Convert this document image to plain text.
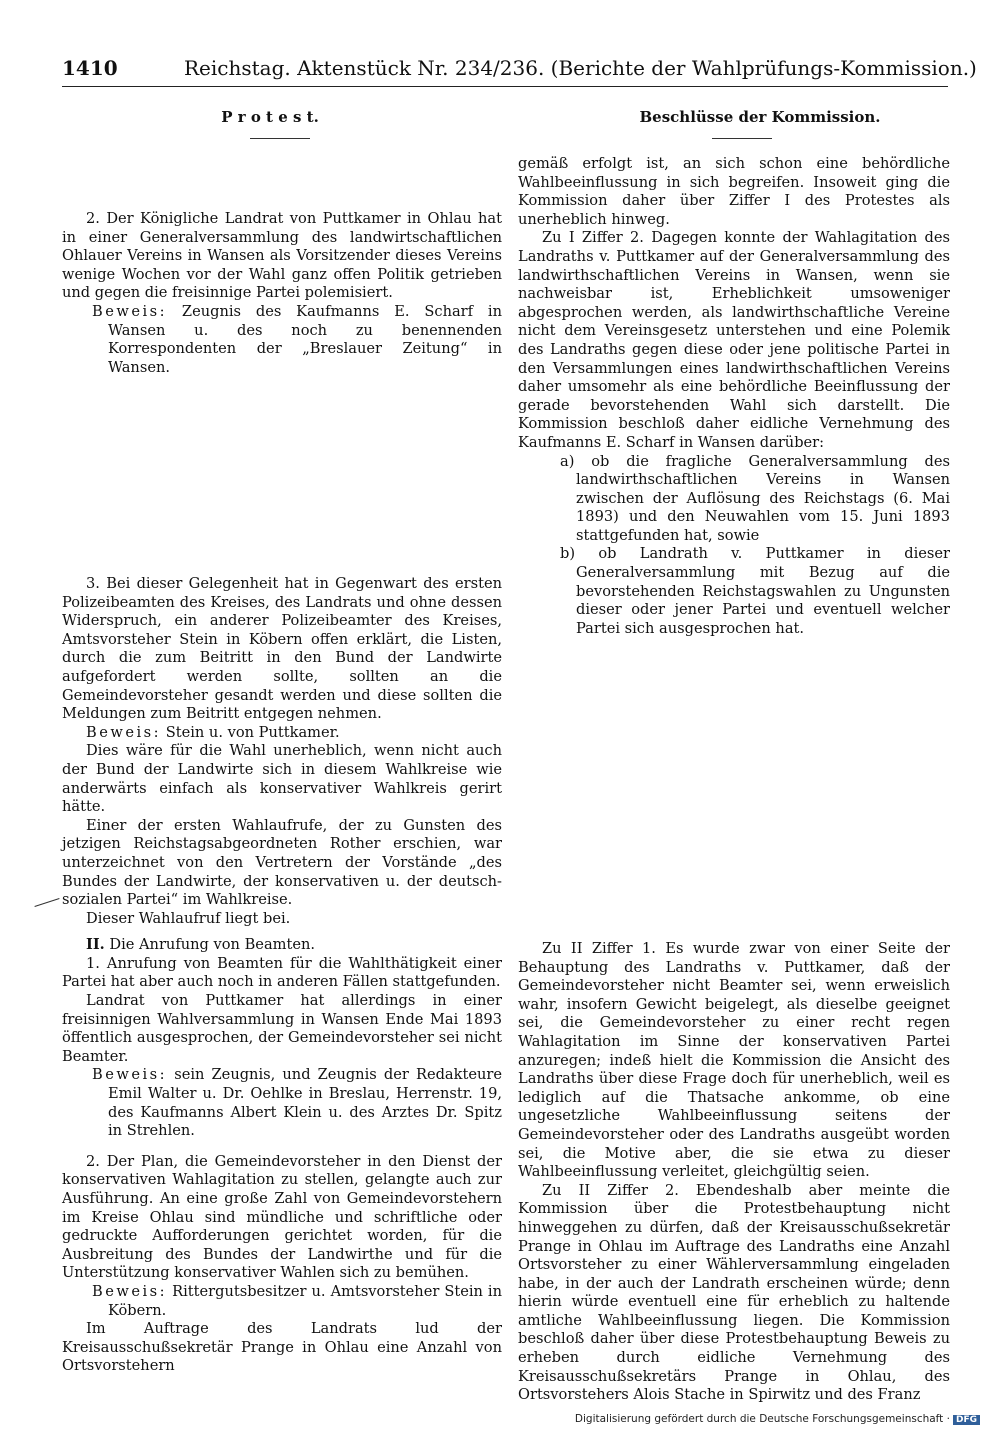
1410	Reichstag. Aktenstück Nr. 234/236. (Berichte der Wahlprüfungs-Kommission.)
P r o t e s t.	Beschlüsse der Kommission.

2. Der Königliche Landrat von Puttkamer in Ohlau hat in einer Generalversammlung des landwirtschaftlichen Ohlauer Vereins in Wansen als Vorsitzender dieses Vereins wenige Wochen vor der Wahl ganz offen Politik getrieben und gegen die freisinnige Partei polemisiert.

Beweis: Zeugnis des Kaufmanns E. Scharf in Wansen u. des noch zu benennenden Korrespondenten der „Breslauer Zeitung“ in Wansen.

3. Bei dieser Gelegenheit hat in Gegenwart des ersten Polizeibeamten des Kreises, des Landrats und ohne dessen Widerspruch, ein anderer Polizeibeamter des Kreises, Amtsvorsteher Stein in Köbern offen erklärt, die Listen, durch die zum Beitritt in den Bund der Landwirte aufgefordert werden sollte, sollten an die Gemeindevorsteher gesandt werden und diese sollten die Meldungen zum Beitritt entgegen nehmen.

Beweis: Stein u. von Puttkamer.

Dies wäre für die Wahl unerheblich, wenn nicht auch der Bund der Landwirte sich in diesem Wahlkreise wie anderwärts einfach als konservativer Wahlkreis gerirt hätte.

Einer der ersten Wahlaufrufe, der zu Gunsten des jetzigen Reichstagsabgeordneten Rother erschien, war unterzeichnet von den Vertretern der Vorstände „des Bundes der Landwirte, der konservativen u. der deutsch-sozialen Partei“ im Wahlkreise.

Dieser Wahlaufruf liegt bei.

II. Die Anrufung von Beamten.

1. Anrufung von Beamten für die Wahlthätigkeit einer Partei hat aber auch noch in anderen Fällen stattgefunden.

Landrat von Puttkamer hat allerdings in einer freisinnigen Wahlversammlung in Wansen Ende Mai 1893 öffentlich ausgesprochen, der Gemeindevorsteher sei nicht Beamter.

Beweis: sein Zeugnis, und Zeugnis der Redakteure Emil Walter u. Dr. Oehlke in Breslau, Herrenstr. 19, des Kaufmanns Albert Klein u. des Arztes Dr. Spitz in Strehlen.

2. Der Plan, die Gemeindevorsteher in den Dienst der konservativen Wahlagitation zu stellen, gelangte auch zur Ausführung. An eine große Zahl von Gemeindevorstehern im Kreise Ohlau sind mündliche und schriftliche oder gedruckte Aufforderungen gerichtet worden, für die Ausbreitung des Bundes der Landwirthe und für die Unterstützung konservativer Wahlen sich zu bemühen.

Beweis: Rittergutsbesitzer u. Amtsvorsteher Stein in Köbern.

Im Auftrage des Landrats lud der Kreisausschußsekretär Prange in Ohlau eine Anzahl von Ortsvorstehern

gemäß erfolgt ist, an sich schon eine behördliche Wahlbeeinflussung in sich begreifen. Insoweit ging die Kommission daher über Ziffer I des Protestes als unerheblich hinweg.

Zu I Ziffer 2. Dagegen konnte der Wahlagitation des Landraths v. Puttkamer auf der Generalversammlung des landwirthschaftlichen Vereins in Wansen, wenn sie nachweisbar ist, Erheblichkeit umsoweniger abgesprochen werden, als landwirthschaftliche Vereine nicht dem Vereinsgesetz unterstehen und eine Polemik des Landraths gegen diese oder jene politische Partei in den Versammlungen eines landwirthschaftlichen Vereins daher umsomehr als eine behördliche Beeinflussung der gerade bevorstehenden Wahl sich darstellt. Die Kommission beschloß daher eidliche Vernehmung des Kaufmanns E. Scharf in Wansen darüber:

a) ob die fragliche Generalversammlung des landwirthschaftlichen Vereins in Wansen zwischen der Auflösung des Reichstags (6. Mai 1893) und den Neuwahlen vom 15. Juni 1893 stattgefunden hat, sowie

b) ob Landrath v. Puttkamer in dieser Generalversammlung mit Bezug auf die bevorstehenden Reichstagswahlen zu Ungunsten dieser oder jener Partei und eventuell welcher Partei sich ausgesprochen hat.

Zu II Ziffer 1. Es wurde zwar von einer Seite der Behauptung des Landraths v. Puttkamer, daß der Gemeindevorsteher nicht Beamter sei, wenn erweislich wahr, insofern Gewicht beigelegt, als dieselbe geeignet sei, die Gemeindevorsteher zu einer recht regen Wahlagitation im Sinne der konservativen Partei anzuregen; indeß hielt die Kommission die Ansicht des Landraths über diese Frage doch für unerheblich, weil es lediglich auf die Thatsache ankomme, ob eine ungesetzliche Wahlbeeinflussung seitens der Gemeindevorsteher oder des Landraths ausgeübt worden sei, die Motive aber, die sie etwa zu dieser Wahlbeeinflussung verleitet, gleichgültig seien.

Zu II Ziffer 2. Ebendeshalb aber meinte die Kommission über die Protestbehauptung nicht hinweggehen zu dürfen, daß der Kreisausschußsekretär Prange in Ohlau im Auftrage des Landraths eine Anzahl Ortsvorsteher zu einer Wählerversammlung eingeladen habe, in der auch der Landrath erscheinen würde; denn hierin würde eventuell eine für erheblich zu haltende amtliche Wahlbeeinflussung liegen. Die Kommission beschloß daher über diese Protestbehauptung Beweis zu erheben durch eidliche Vernehmung des Kreisausschußsekretärs Prange in Ohlau, des Ortsvorstehers Alois Stache in Spirwitz und des Franz

Digitalisierung gefördert durch die Deutsche Forschungsgemeinschaft · DFG
